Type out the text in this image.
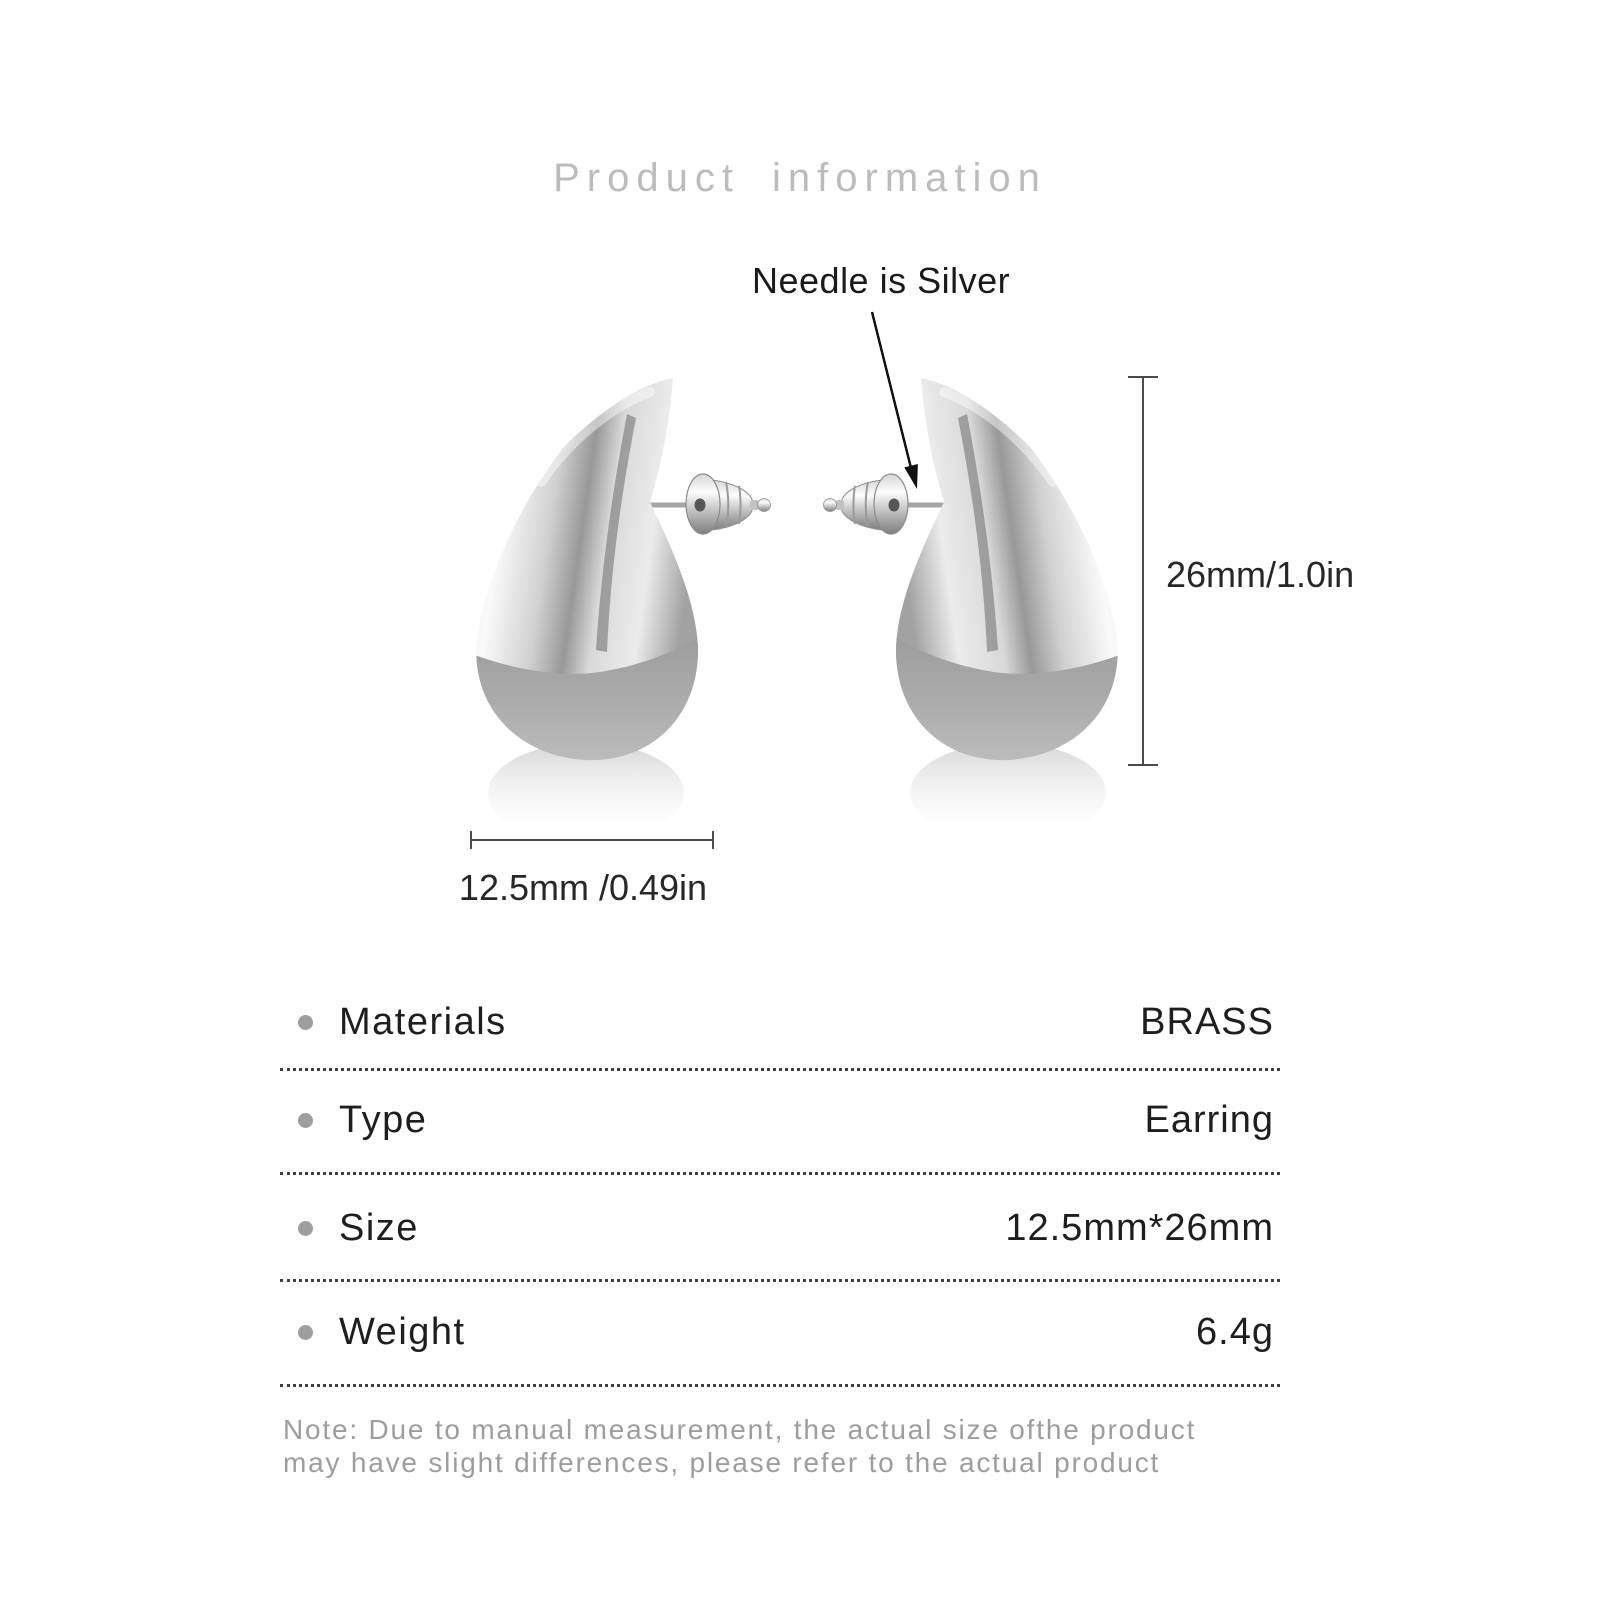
Product information
Needle is Silver
26mm/1.0in
12.5mm /0.49in
Materials	BRASS
Type	Earring
Size	12.5mm*26mm
Weight	6.4g
Note: Due to manual measurement, the actual size ofthe product
may have slight differences, please refer to the actual product
